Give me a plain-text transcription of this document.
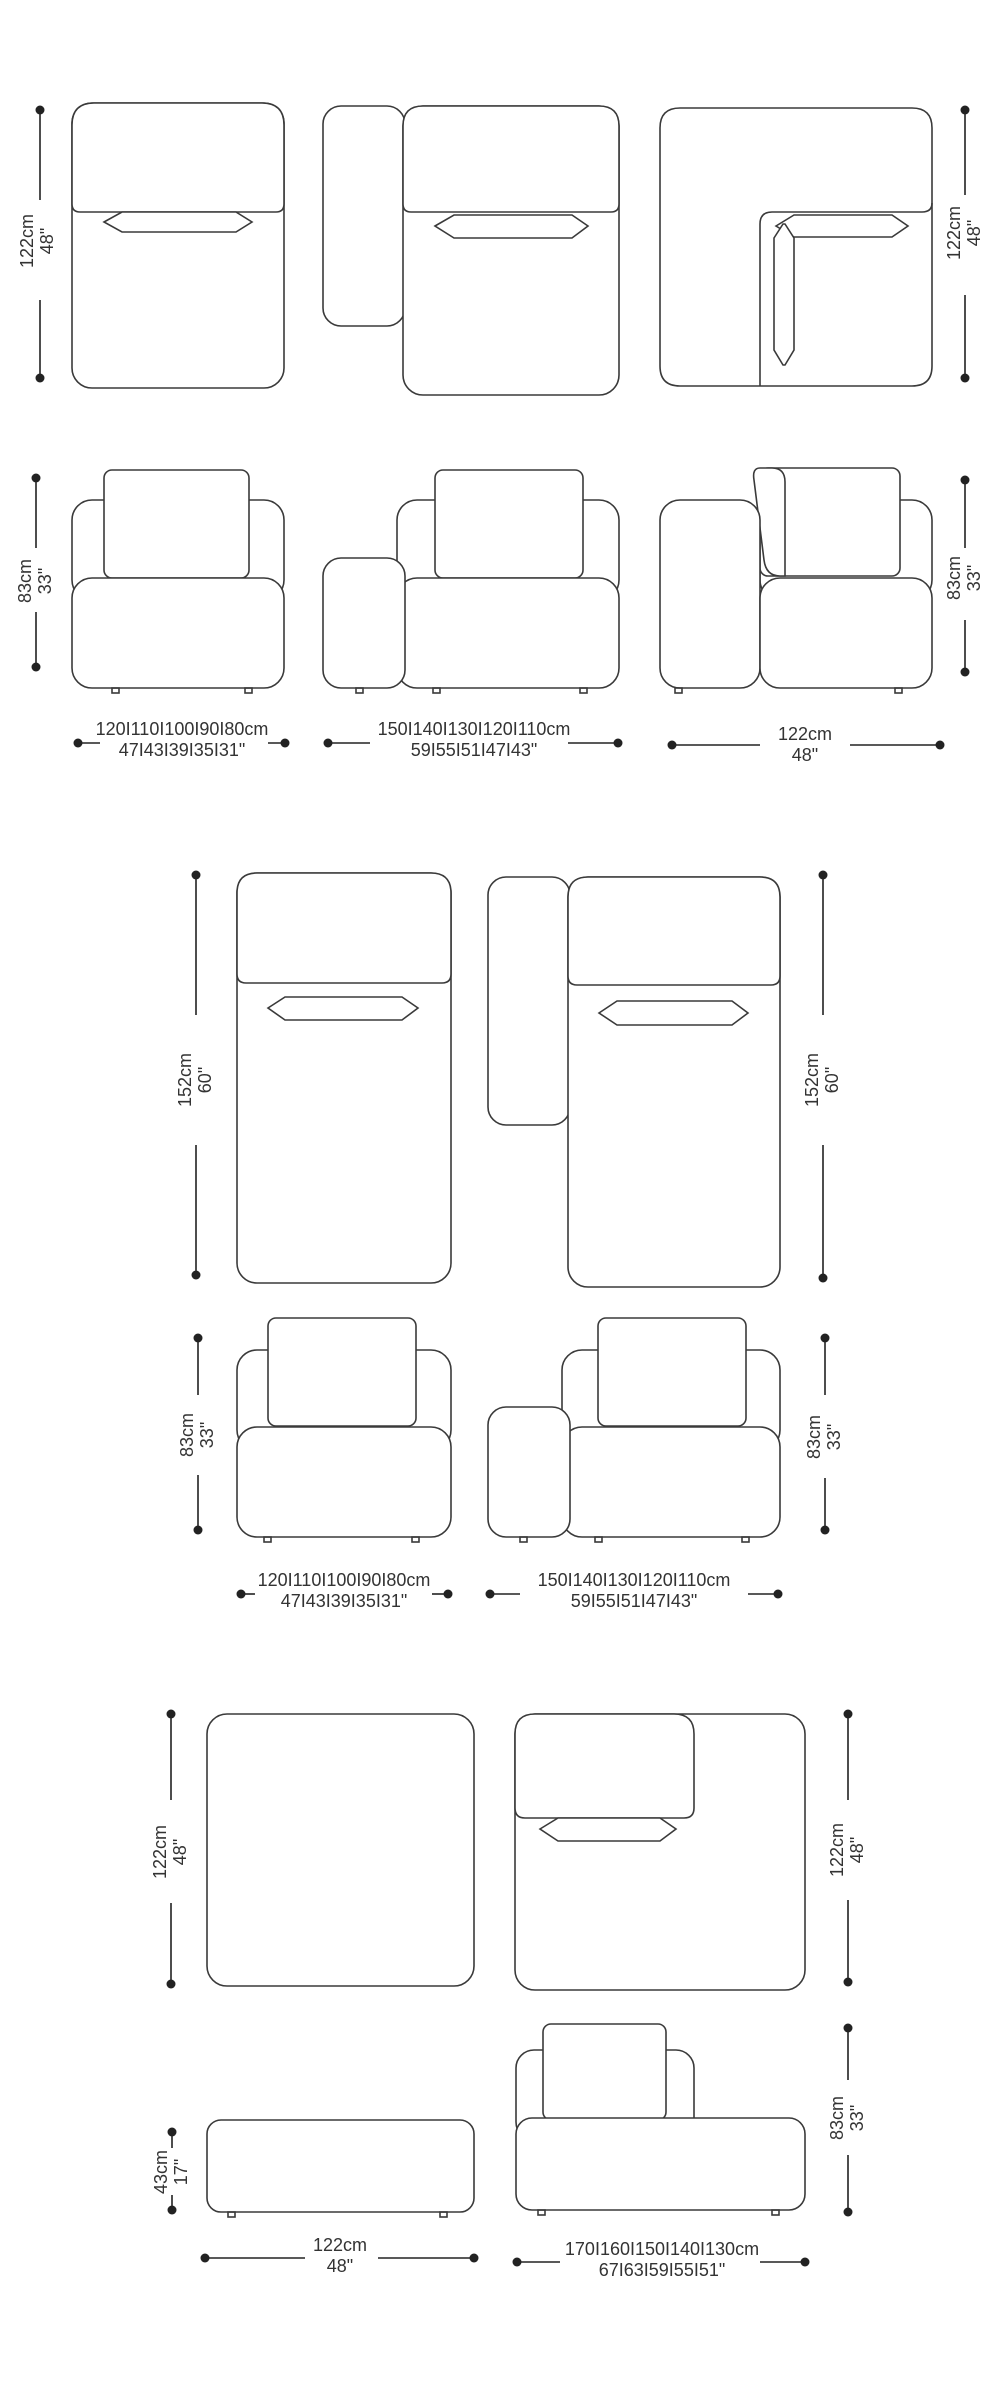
122cm 48"	122cm 48"
83cm 33"	83cm 33"
120I110I100I90I80cm
47I43I39I35I31"
150I140I130I120I110cm
59I55I51I47I43"
122cm
48"
152cm 60"	152cm 60"
83cm 33"	83cm 33"
120I110I100I90I80cm
47I43I39I35I31"
150I140I130I120I110cm
59I55I51I47I43"
122cm 48"	122cm 48"
43cm 17"
83cm 33"
122cm
48"
170I160I150I140I130cm
67I63I59I55I51"
